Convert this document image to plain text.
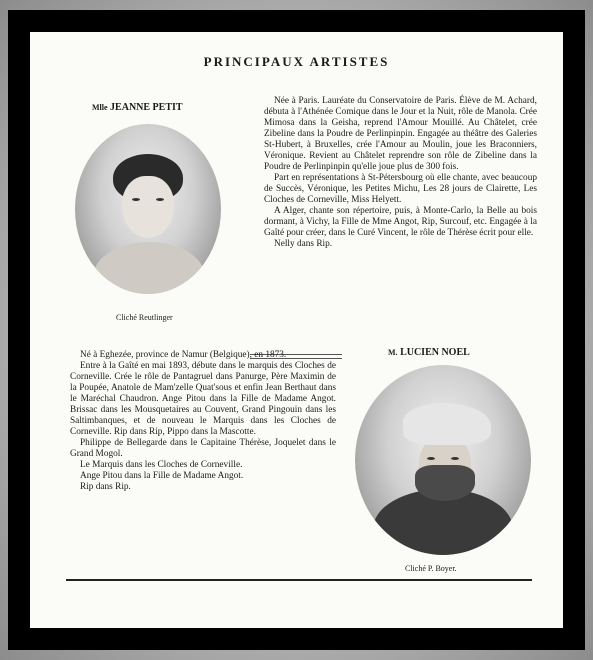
PRINCIPAUX ARTISTES
Mlle JEANNE PETIT
Cliché Reutlinger

Née à Paris. Lauréate du Conservatoire de Paris. Élève de M. Achard, débuta à l'Athénée Comique dans le Jour et la Nuit, rôle de Manola. Crée Mimosa dans la Geisha, reprend l'Amour Mouillé. Au Châtelet, crée Zibeline dans la Poudre de Perlinpinpin. Engagée au théâtre des Galeries St-Hubert, à Bruxelles, crée l'Amour au Moulin, joue les Braconniers, Véronique. Revient au Châtelet reprendre son rôle de Zibeline dans la Poudre de Perlinpinpin qu'elle joue plus de 300 fois.

Part en représentations à St-Pétersbourg où elle chante, avec beaucoup de Succès, Véronique, les Petites Michu, Les 28 jours de Clairette, Les Cloches de Corneville, Miss Helyett.

A Alger, chante son répertoire, puis, à Monte-Carlo, la Belle au bois dormant, à Vichy, la Fille de Mme Angot, Rip, Surcouf, etc. Engagée à la Gaîté pour créer, dans le Curé Vincent, le rôle de Thérèse écrit pour elle.

Nelly dans Rip.

M. LUCIEN NOEL
Cliché P. Boyer.

Né à Eghezée, province de Namur (Belgique), en 1873.

Entre à la Gaîté en mai 1893, débute dans le marquis des Cloches de Corneville. Crée le rôle de Pantagruel dans Panurge, Père Maximin de la Poupée, Anatole de Mam'zelle Quat'sous et enfin Jean Berthaut dans le Maréchal Chaudron. Ange Pitou dans la Fille de Madame Angot. Brissac dans les Mousquetaires au Couvent, Grand Pingouin dans les Saltimbanques, et de nouveau le Marquis dans les Cloches de Corneville. Rip dans Rip, Pippo dans la Mascotte.

Philippe de Bellegarde dans le Capitaine Thérèse, Joquelet dans le Grand Mogol.

Le Marquis dans les Cloches de Corneville.

Ange Pitou dans la Fille de Madame Angot.

Rip dans Rip.
